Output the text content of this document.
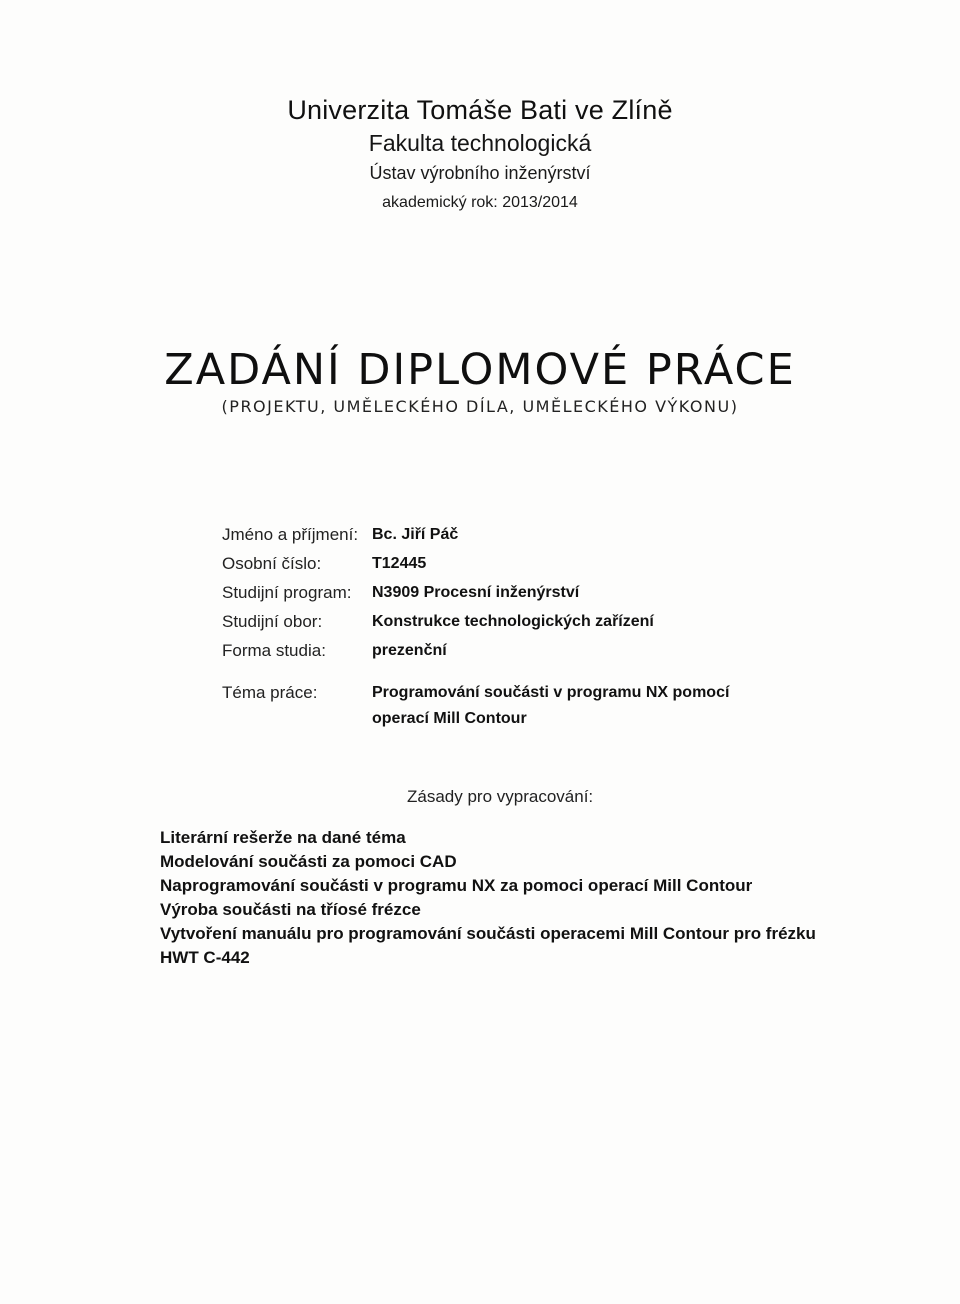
Univerzita Tomáše Bati ve Zlíně
Fakulta technologická
Ústav výrobního inženýrství
akademický rok: 2013/2014
ZADÁNÍ DIPLOMOVÉ PRÁCE
(PROJEKTU, UMĚLECKÉHO DÍLA, UMĚLECKÉHO VÝKONU)
Jméno a příjmení: Bc. Jiří Páč
Osobní číslo:	T12445
Studijní program:	N3909 Procesní inženýrství
Studijní obor:	Konstrukce technologických zařízení
Forma studia:	prezenční
Téma práce:	Programování součásti v programu NX pomocí operací Mill Contour
Zásady pro vypracování:
Literární rešerže na dané téma
Modelování součásti za pomoci CAD
Naprogramování součásti v programu NX za pomoci operací Mill Contour
Výroba součásti na tříosé frézce
Vytvoření manuálu pro programování součásti operacemi Mill Contour pro frézku HWT C-442
